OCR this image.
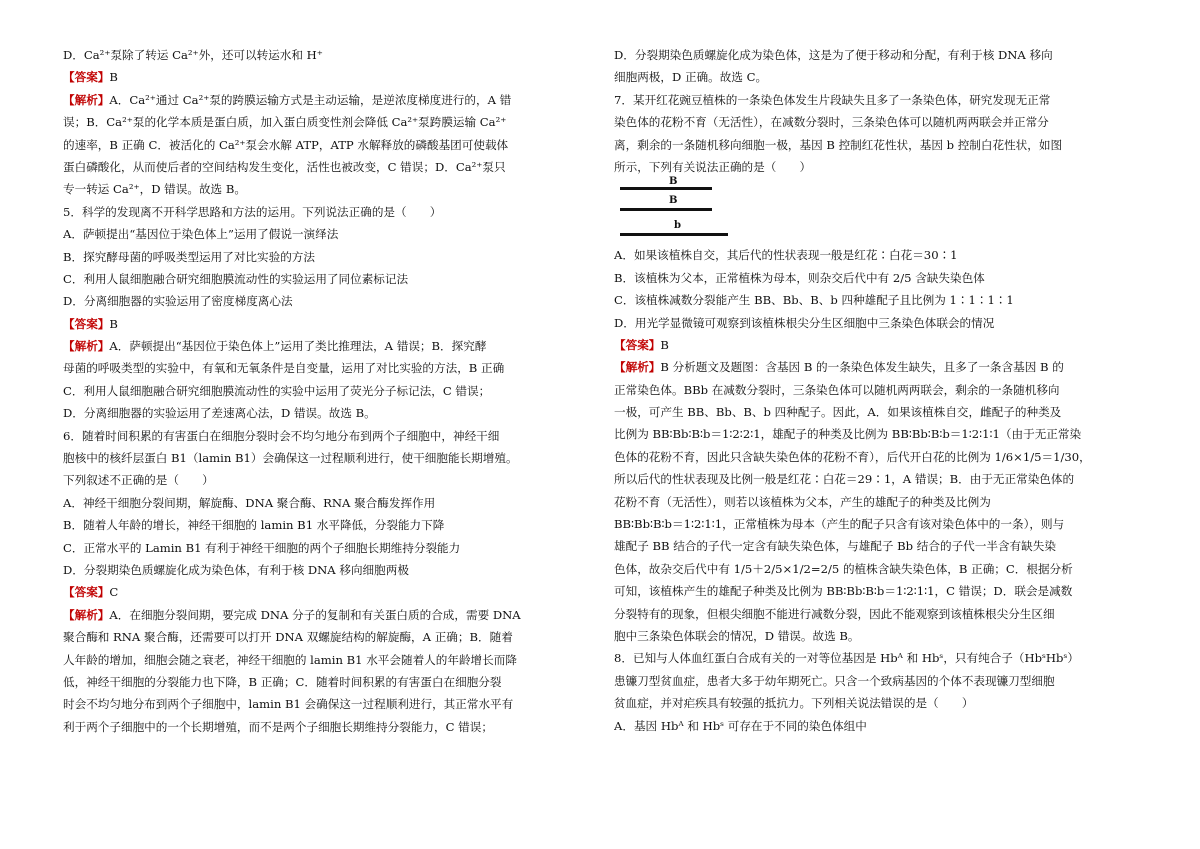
D．Ca²⁺泵除了转运 Ca²⁺外，还可以转运水和 H⁺
【答案】B
【解析】A．Ca²⁺通过 Ca²⁺泵的跨膜运输方式是主动运输，是逆浓度梯度进行的，A 错
误；B．Ca²⁺泵的化学本质是蛋白质，加入蛋白质变性剂会降低 Ca²⁺泵跨膜运输 Ca²⁺
的速率，B 正确 C．被活化的 Ca²⁺泵会水解 ATP，ATP 水解释放的磷酸基团可使载体
蛋白磷酸化，从而使后者的空间结构发生变化，活性也被改变，C 错误；D．Ca²⁺泵只
专一转运 Ca²⁺，D 错误。故选 B。
5．科学的发现离不开科学思路和方法的运用。下列说法正确的是（　　）
A．萨顿提出“基因位于染色体上”运用了假说一演绎法
B．探究酵母菌的呼吸类型运用了对比实验的方法
C．利用人鼠细胞融合研究细胞膜流动性的实验运用了同位素标记法
D．分离细胞器的实验运用了密度梯度离心法
【答案】B
【解析】A．萨顿提出“基因位于染色体上”运用了类比推理法，A 错误；B．探究酵
母菌的呼吸类型的实验中，有氧和无氧条件是自变量，运用了对比实验的方法，B 正确
C．利用人鼠细胞融合研究细胞膜流动性的实验中运用了荧光分子标记法，C 错误；
D．分离细胞器的实验运用了差速离心法，D 错误。故选 B。
6．随着时间积累的有害蛋白在细胞分裂时会不均匀地分布到两个子细胞中，神经干细
胞核中的核纤层蛋白 B1（lamin B1）会确保这一过程顺利进行，使干细胞能长期增殖。
下列叙述不正确的是（　　）
A．神经干细胞分裂间期，解旋酶、DNA 聚合酶、RNA 聚合酶发挥作用
B．随着人年龄的增长，神经干细胞的 lamin B1 水平降低，分裂能力下降
C．正常水平的 Lamin B1 有利于神经干细胞的两个子细胞长期维持分裂能力
D．分裂期染色质螺旋化成为染色体，有利于核 DNA 移向细胞两极
【答案】C
【解析】A．在细胞分裂间期，要完成 DNA 分子的复制和有关蛋白质的合成，需要 DNA
聚合酶和 RNA 聚合酶，还需要可以打开 DNA 双螺旋结构的解旋酶，A 正确；B．随着
人年龄的增加，细胞会随之衰老，神经干细胞的 lamin B1 水平会随着人的年龄增长而降
低，神经干细胞的分裂能力也下降，B 正确；C．随着时间积累的有害蛋白在细胞分裂
时会不均匀地分布到两个子细胞中，lamin B1 会确保这一过程顺利进行，其正常水平有
利于两个子细胞中的一个长期增殖，而不是两个子细胞长期维持分裂能力，C 错误；
D．分裂期染色质螺旋化成为染色体，这是为了便于移动和分配，有利于核 DNA 移向
细胞两极，D 正确。故选 C。
7．某开红花豌豆植株的一条染色体发生片段缺失且多了一条染色体，研究发现无正常
染色体的花粉不育（无活性），在减数分裂时，三条染色体可以随机两两联会并正常分
离，剩余的一条随机移向细胞一极，基因 B 控制红花性状，基因 b 控制白花性状，如图
所示，下列有关说法正确的是（　　）
B
B
b
A．如果该植株自交，其后代的性状表现一般是红花∶白花＝30∶1
B．该植株为父本，正常植株为母本，则杂交后代中有 2/5 含缺失染色体
C．该植株减数分裂能产生 BB、Bb、B、b 四种雄配子且比例为 1∶1∶1∶1
D．用光学显微镜可观察到该植株根尖分生区细胞中三条染色体联会的情况
【答案】B
【解析】B 分析题文及题图：含基因 B 的一条染色体发生缺失，且多了一条含基因 B 的
正常染色体。BBb 在减数分裂时，三条染色体可以随机两两联会，剩余的一条随机移向
一极，可产生 BB、Bb、B、b 四种配子。因此，A．如果该植株自交，雌配子的种类及
比例为 BB∶Bb∶B∶b＝1∶2∶2∶1，雄配子的种类及比例为 BB∶Bb∶B∶b＝1∶2∶1∶1（由于无正常染
色体的花粉不育，因此只含缺失染色体的花粉不育），后代开白花的比例为 1/6×1/5＝1/30，
所以后代的性状表现及比例一般是红花∶白花＝29∶1，A 错误；B．由于无正常染色体的
花粉不育（无活性），则若以该植株为父本，产生的雄配子的种类及比例为
BB∶Bb∶B∶b＝1∶2∶1∶1，正常植株为母本（产生的配子只含有该对染色体中的一条），则与
雄配子 BB 结合的子代一定含有缺失染色体，与雄配子 Bb 结合的子代一半含有缺失染
色体，故杂交后代中有 1/5＋2/5×1/2=2/5 的植株含缺失染色体，B 正确；C．根据分析
可知，该植株产生的雄配子种类及比例为 BB∶Bb∶B∶b＝1∶2∶1∶1，C 错误；D．联会是减数
分裂特有的现象，但根尖细胞不能进行减数分裂，因此不能观察到该植株根尖分生区细
胞中三条染色体联会的情况，D 错误。故选 B。
8．已知与人体血红蛋白合成有关的一对等位基因是 Hbᴬ 和 Hbˢ，只有纯合子（HbˢHbˢ）
患镰刀型贫血症，患者大多于幼年期死亡。只含一个致病基因的个体不表现镰刀型细胞
贫血症，并对疟疾具有较强的抵抗力。下列相关说法错误的是（　　）
A．基因 Hbᴬ 和 Hbˢ 可存在于不同的染色体组中
